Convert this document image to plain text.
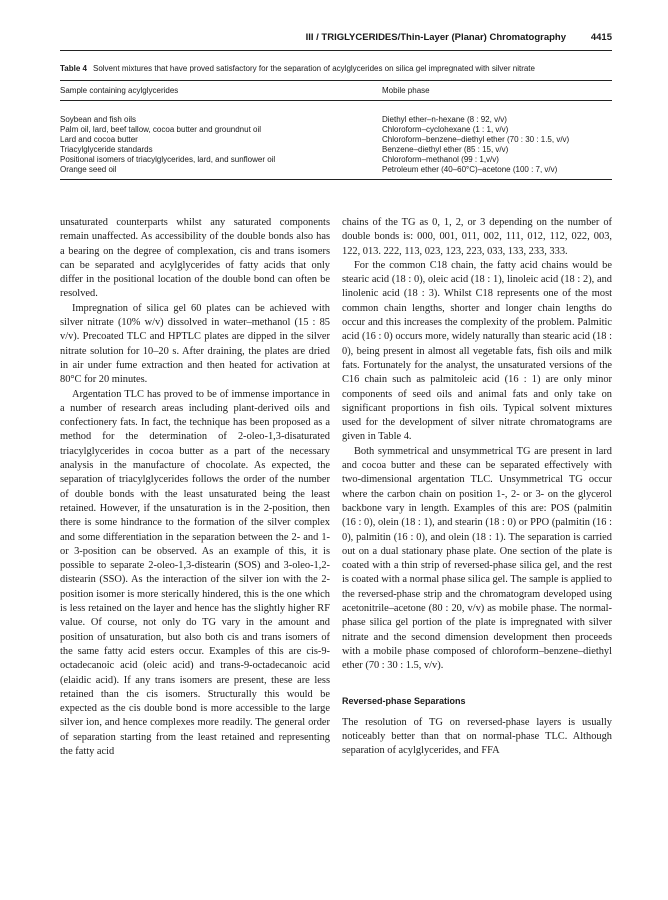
III / TRIGLYCERIDES/Thin-Layer (Planar) Chromatography	4415

Table 4 Solvent mixtures that have proved satisfactory for the separation of acylglycerides on silica gel impregnated with silver nitrate

Sample containing acylglycerides	Mobile phase
Soybean and fish oils	Diethyl ether–n-hexane (8 : 92, v/v)
Palm oil, lard, beef tallow, cocoa butter and groundnut oil	Chloroform–cyclohexane (1 : 1, v/v)
Lard and cocoa butter	Chloroform–benzene–diethyl ether (70 : 30 : 1.5, v/v)
Triacylglyceride standards	Benzene–diethyl ether (85 : 15, v/v)
Positional isomers of triacylglycerides, lard, and sunflower oil	Chloroform–methanol (99 : 1,v/v)
Orange seed oil	Petroleum ether (40–60°C)–acetone (100 : 7, v/v)

unsaturated counterparts whilst any saturated components remain unaffected. As accessibility of the double bonds also has a bearing on the degree of complexation, cis and trans isomers can be separated and acylglycerides of fatty acids that only differ in the positional location of the double bond can often be resolved.

Impregnation of silica gel 60 plates can be achieved with silver nitrate (10% w/v) dissolved in water–methanol (15 : 85 v/v). Precoated TLC and HPTLC plates are dipped in the silver nitrate solution for 10–20 s. After draining, the plates are dried in air under fume extraction and then heated for activation at 80°C for 20 minutes.

Argentation TLC has proved to be of immense importance in a number of research areas including plant-derived oils and confectionery fats. In fact, the technique has been proposed as a method for the determination of 2-oleo-1,3-disaturated triacylglycerides in cocoa butter as a part of the necessary analysis in the manufacture of chocolate. As expected, the separation of triacylglycerides follows the order of the number of double bonds with the least unsaturated being the least retained. However, if the unsaturation is in the 2-position, then there is some hindrance to the formation of the silver complex and some differentiation in the separation between the 2- and 1- or 3-position can be observed. As an example of this, it is possible to separate 2-oleo-1,3-distearin (SOS) and 3-oleo-1,2-distearin (SSO). As the interaction of the silver ion with the 2-position isomer is more sterically hindered, this is the one which is less retained on the layer and hence has the slightly higher RF value. Of course, not only do TG vary in the amount and position of unsaturation, but also both cis and trans isomers of the same fatty acid esters occur. Examples of this are cis-9-octadecanoic acid (oleic acid) and trans-9-octadecanoic acid (elaidic acid). If any trans isomers are present, these are less retained than the cis isomers. Structurally this would be expected as the cis double bond is more accessible to the large silver ion, and hence complexes more readily. The general order of separation starting from the least retained and representing the fatty acid

chains of the TG as 0, 1, 2, or 3 depending on the number of double bonds is: 000, 001, 011, 002, 111, 012, 112, 022, 003, 122, 013. 222, 113, 023, 123, 223, 033, 133, 233, 333.

For the common C18 chain, the fatty acid chains would be stearic acid (18 : 0), oleic acid (18 : 1), linoleic acid (18 : 2), and linolenic acid (18 : 3). Whilst C18 represents one of the most common chain lengths, shorter and longer chain lengths do occur and this increases the complexity of the problem. Palmitic acid (16 : 0) occurs more, widely naturally than stearic acid (18 : 0), being present in almost all vegetable fats, fish oils and milk fats. Fortunately for the analyst, the unsaturated versions of the C16 chain such as palmitoleic acid (16 : 1) are only minor components of seed oils and animal fats and only take on significant proportions in fish oils. Typical solvent mixtures used for the development of silver nitrate chromatograms are given in Table 4.

Both symmetrical and unsymmetrical TG are present in lard and cocoa butter and these can be separated effectively with two-dimensional argentation TLC. Unsymmetrical TG occur where the carbon chain on position 1-, 2- or 3- on the glycerol backbone vary in length. Examples of this are: POS (palmitin (16 : 0), olein (18 : 1), and stearin (18 : 0) or PPO (palmitin (16 : 0), palmitin (16 : 0), and olein (18 : 1). The separation is carried out on a dual stationary phase plate. One section of the plate is coated with a thin strip of reversed-phase silica gel, and the rest is coated with a normal phase silica gel. The sample is applied to the reversed-phase strip and the chromatogram developed using acetonitrile–acetone (80 : 20, v/v) as mobile phase. The normal-phase silica gel portion of the plate is impregnated with silver nitrate and the second dimension development then proceeds with a mobile phase composed of chloroform–benzene–diethyl ether (70 : 30 : 1.5, v/v).

Reversed-phase Separations

The resolution of TG on reversed-phase layers is usually noticeably better than that on normal-phase TLC. Although separation of acylglycerides, and FFA
